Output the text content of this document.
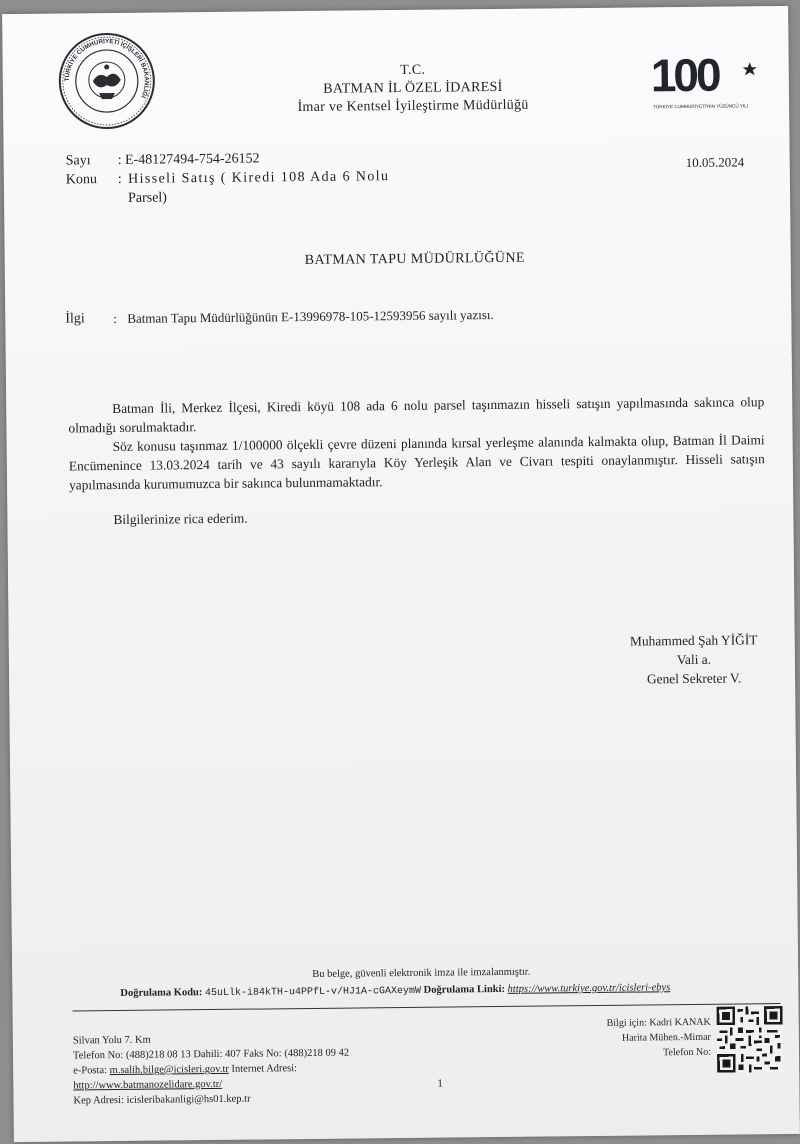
TÜRKİYE CUMHURİYETİ İÇİŞLERİ BAKANLIĞI	100
TÜRKİYE CUMHURİYETİ'NİN YÜZÜNCÜ YILI
T.C.
BATMAN İL ÖZEL İDARESİ
İmar ve Kentsel İyileştirme Müdürlüğü
Sayı	: E-48127494-754-26152
Konu	: Hisseli Satış ( Kiredi 108 Ada 6 Nolu
Parsel)
10.05.2024
BATMAN TAPU MÜDÜRLÜĞÜNE
İlgi	: Batman Tapu Müdürlüğünün E-13996978-105-12593956 sayılı yazısı.

Batman İli, Merkez İlçesi, Kiredi köyü 108 ada 6 nolu parsel taşınmazın hisseli satışın yapılmasında sakınca olup olmadığı sorulmaktadır.

Söz konusu taşınmaz 1/100000 ölçekli çevre düzeni planında kırsal yerleşme alanında kalmakta olup, Batman İl Daimi Encümenince 13.03.2024 tarih ve 43 sayılı kararıyla Köy Yerleşik Alan ve Civarı tespiti onaylanmıştır. Hisseli satışın yapılmasında kurumumuzca bir sakınca bulunmamaktadır.

Bilgilerinize rica ederim.
Muhammed Şah YİĞİT
Vali a.
Genel Sekreter V.
Bu belge, güvenli elektronik imza ile imzalanmıştır.
Doğrulama Kodu: 45uLlk-i84kTH-u4PPfL-v/HJ1A-cGAXeymW Doğrulama Linki: https://www.turkiye.gov.tr/icisleri-ebys
Silvan Yolu 7. Km
Telefon No: (488)218 08 13 Dahili: 407 Faks No: (488)218 09 42
e-Posta: m.salih.bilge@icisleri.gov.tr Internet Adresi:
http://www.batmanozelidare.gov.tr/
Kep Adresi: icisleribakanligi@hs01.kep.tr
Bilgi için: Kadri KANAK
Harita Mühen.-Mimar
Telefon No:
1
